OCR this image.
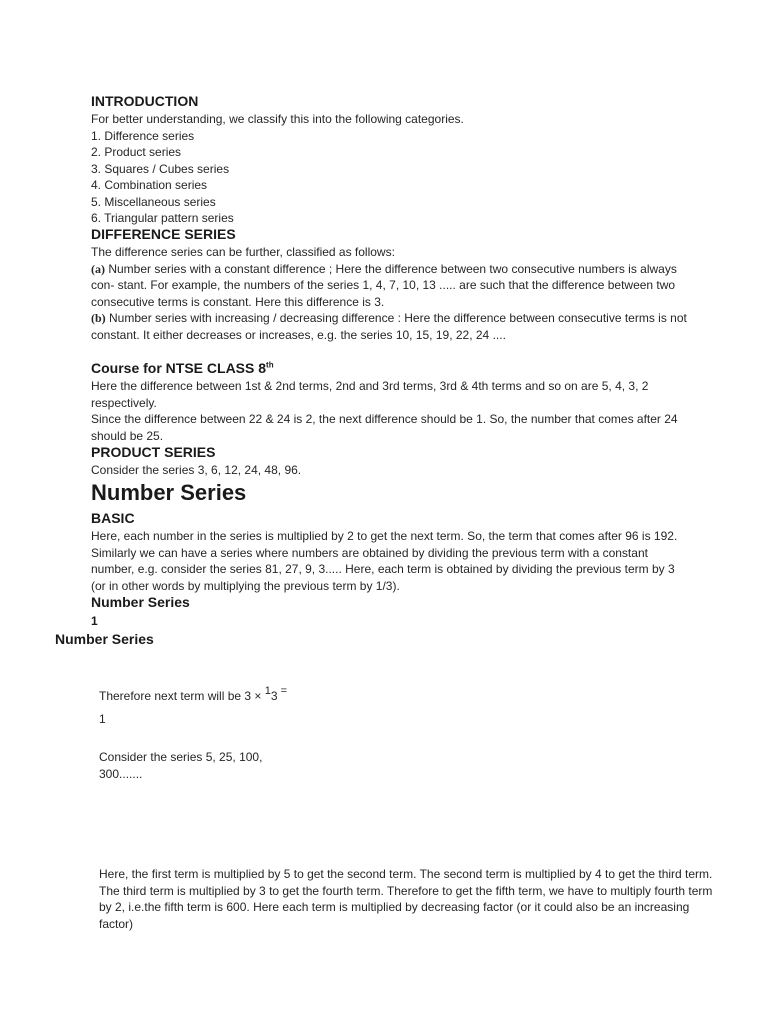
INTRODUCTION

For better understanding, we classify this into the following categories.

1. Difference series

2. Product series

3. Squares / Cubes series

4. Combination series

5. Miscellaneous series

6. Triangular pattern series

DIFFERENCE SERIES

The difference series can be further, classified as follows:

(a) Number series with a constant difference ; Here the difference between two consecutive numbers is always con- stant. For example, the numbers of the series 1, 4, 7, 10, 13 ..... are such that the difference between two consecutive terms is constant. Here this difference is 3.

(b) Number series with increasing / decreasing difference : Here the difference between consecutive terms is not

constant. It either decreases or increases, e.g. the series 10, 15, 19, 22, 24 ....

Course for NTSE CLASS 8th

Here the difference between 1st & 2nd terms, 2nd and 3rd terms, 3rd & 4th terms and so on are 5, 4, 3, 2 respectively.

Since the difference between 22 & 24 is 2, the next difference should be 1. So, the number that comes after 24 should be 25.

PRODUCT SERIES
Consider the series 3, 6, 12, 24, 48, 96.
Number Series
BASIC
Here, each number in the series is multiplied by 2 to get the next term. So, the term that comes after 96 is 192. Similarly we can have a series where numbers are obtained by dividing the previous term with a constant number, e.g. consider the series 81, 27, 9, 3..... Here, each term is obtained by dividing the previous term by 3 (or in other words by multiplying the previous term by 1/3).
Number Series
1
Number Series
Therefore next term will be 3 × 13 =
1

Consider the series 5, 25, 100,

300.......

Here, the first term is multiplied by 5 to get the second term. The second term is multiplied by 4 to get the third term. The third term is multiplied by 3 to get the fourth term. Therefore to get the fifth term, we have to multiply fourth term by 2, i.e.the fifth term is 600. Here each term is multiplied by decreasing factor (or it could also be an increasing factor)
